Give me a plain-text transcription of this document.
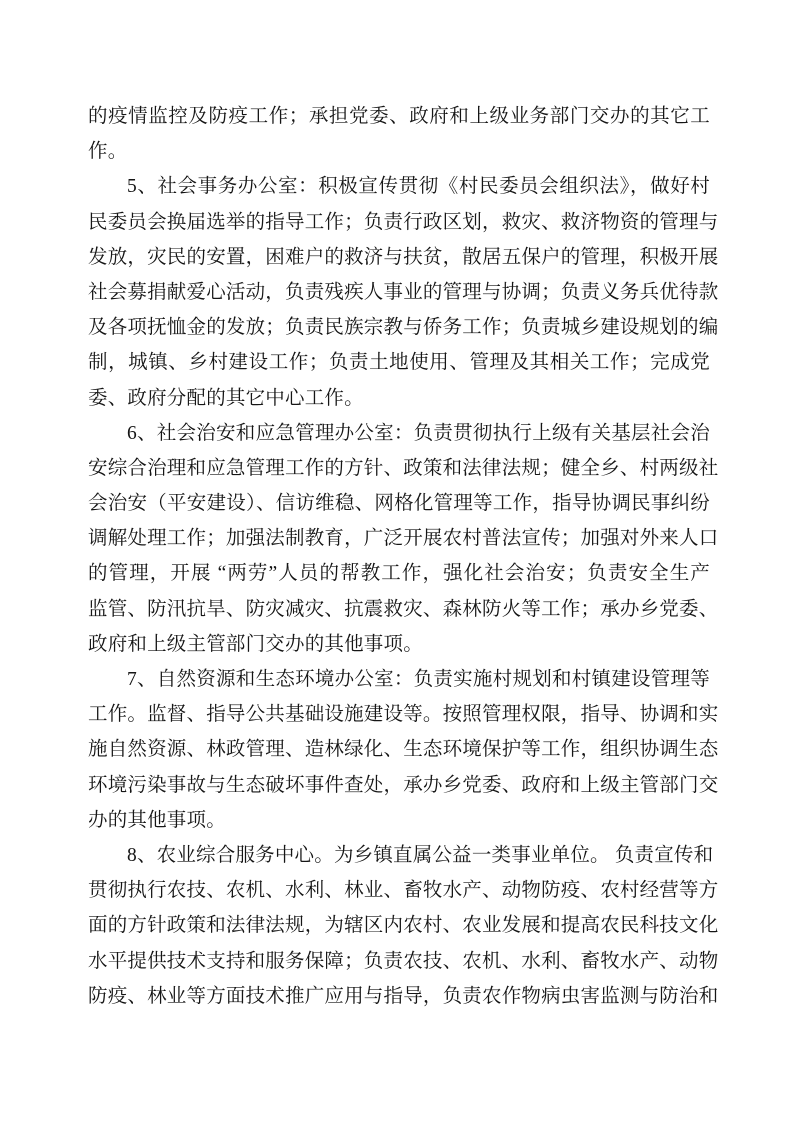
的疫情监控及防疫工作；承担党委、政府和上级业务部门交办的其它工
作。
5、社会事务办公室：积极宣传贯彻《村民委员会组织法》，做好村
民委员会换届选举的指导工作；负责行政区划，救灾、救济物资的管理与
发放，灾民的安置，困难户的救济与扶贫，散居五保户的管理，积极开展
社会募捐献爱心活动，负责残疾人事业的管理与协调；负责义务兵优待款
及各项抚恤金的发放；负责民族宗教与侨务工作；负责城乡建设规划的编
制，城镇、乡村建设工作；负责土地使用、管理及其相关工作；完成党
委、政府分配的其它中心工作。
6、社会治安和应急管理办公室：负责贯彻执行上级有关基层社会治
安综合治理和应急管理工作的方针、政策和法律法规；健全乡、村两级社
会治安（平安建设）、信访维稳、网格化管理等工作，指导协调民事纠纷
调解处理工作；加强法制教育，广泛开展农村普法宣传；加强对外来人口
的管理，开展 “两劳”人员的帮教工作，强化社会治安；负责安全生产
监管、防汛抗旱、防灾减灾、抗震救灾、森林防火等工作；承办乡党委、
政府和上级主管部门交办的其他事项。
7、自然资源和生态环境办公室：负责实施村规划和村镇建设管理等
工作。监督、指导公共基础设施建设等。按照管理权限，指导、协调和实
施自然资源、林政管理、造林绿化、生态环境保护等工作，组织协调生态
环境污染事故与生态破坏事件查处，承办乡党委、政府和上级主管部门交
办的其他事项。
8、农业综合服务中心。为乡镇直属公益一类事业单位。 负责宣传和
贯彻执行农技、农机、水利、林业、畜牧水产、动物防疫、农村经营等方
面的方针政策和法律法规，为辖区内农村、农业发展和提高农民科技文化
水平提供技术支持和服务保障；负责农技、农机、水利、畜牧水产、动物
防疫、林业等方面技术推广应用与指导，负责农作物病虫害监测与防治和
